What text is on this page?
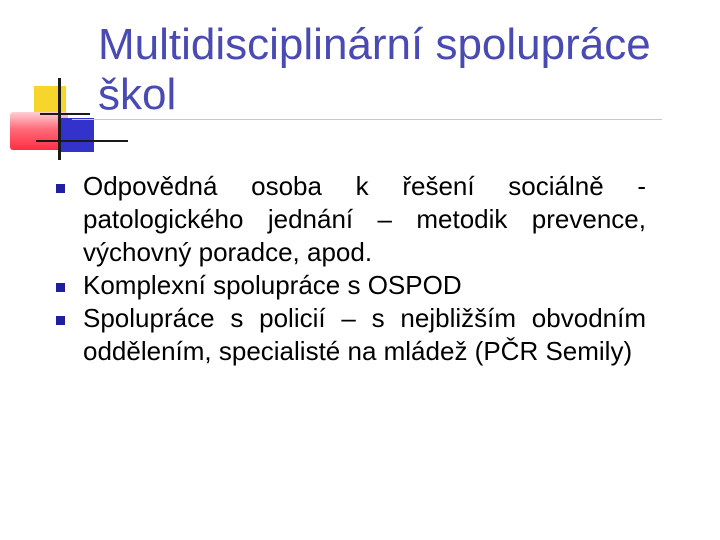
Multidisciplinární spolupráce škol
Odpovědná osoba k řešení sociálně - patologického jednání – metodik prevence, výchovný poradce, apod.
Komplexní spolupráce s OSPOD
Spolupráce s policií – s nejbližším obvodním oddělením, specialisté na mládež (PČR Semily)
